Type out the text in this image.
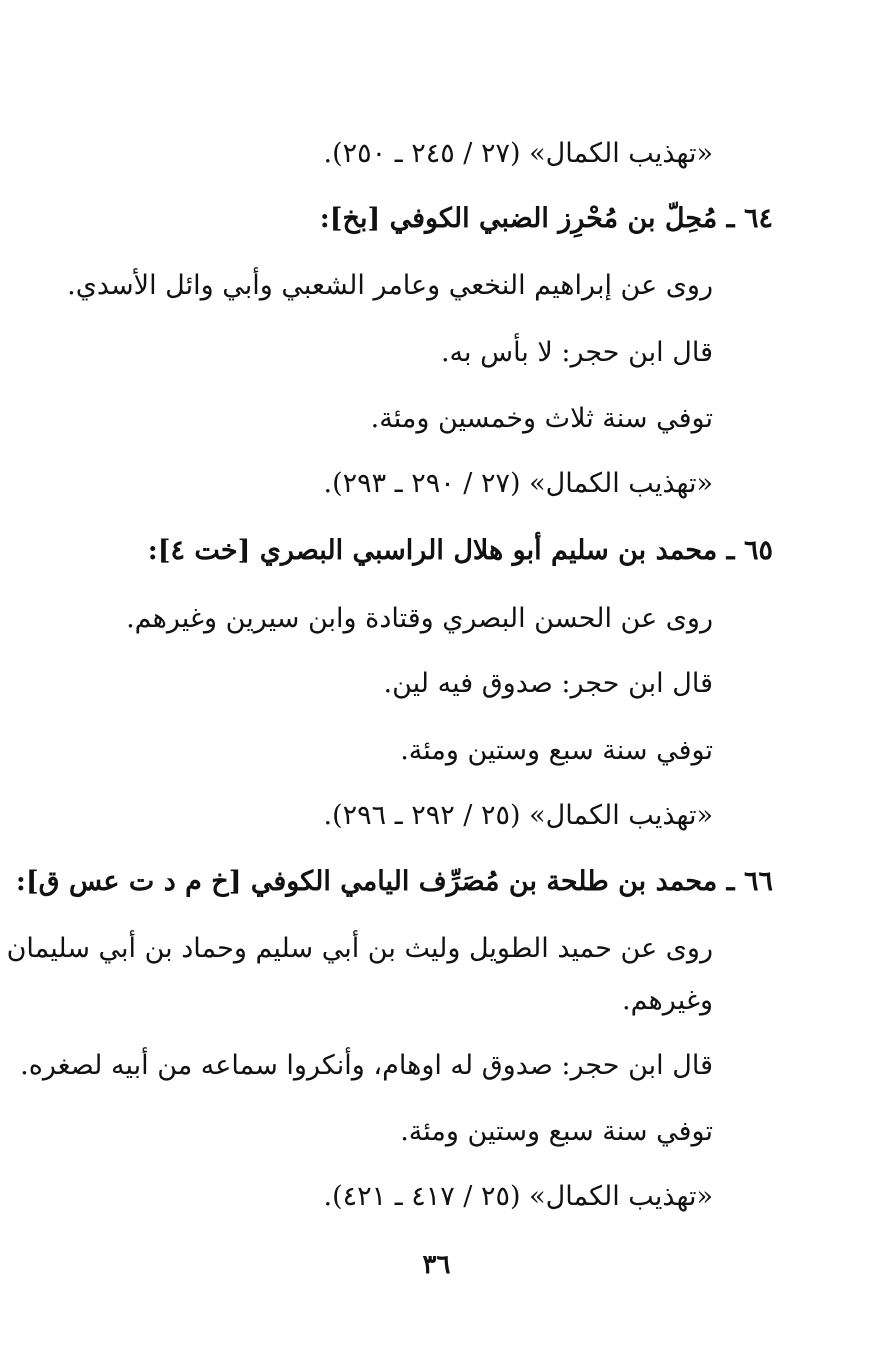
«تهذيب الكمال» (٢٧ / ٢٤٥ ـ ٢٥٠).
٦٤ ـ مُحِلّ بن مُحْرِز الضبي الكوفي [بخ]:
روى عن إبراهيم النخعي وعامر الشعبي وأبي وائل الأسدي.
قال ابن حجر: لا بأس به.
توفي سنة ثلاث وخمسين ومئة.
«تهذيب الكمال» (٢٧ / ٢٩٠ ـ ٢٩٣).
٦٥ ـ محمد بن سليم أبو هلال الراسبي البصري [خت ٤]:
روى عن الحسن البصري وقتادة وابن سيرين وغيرهم.
قال ابن حجر: صدوق فيه لين.
توفي سنة سبع وستين ومئة.
«تهذيب الكمال» (٢٥ / ٢٩٢ ـ ٢٩٦).
٦٦ ـ محمد بن طلحة بن مُصَرِّف اليامي الكوفي [خ م د ت عس ق]:
روى عن حميد الطويل وليث بن أبي سليم وحماد بن أبي سليمان
وغيرهم.
قال ابن حجر: صدوق له اوهام، وأنكروا سماعه من أبيه لصغره.
توفي سنة سبع وستين ومئة.
«تهذيب الكمال» (٢٥ / ٤١٧ ـ ٤٢١).
٣٦
